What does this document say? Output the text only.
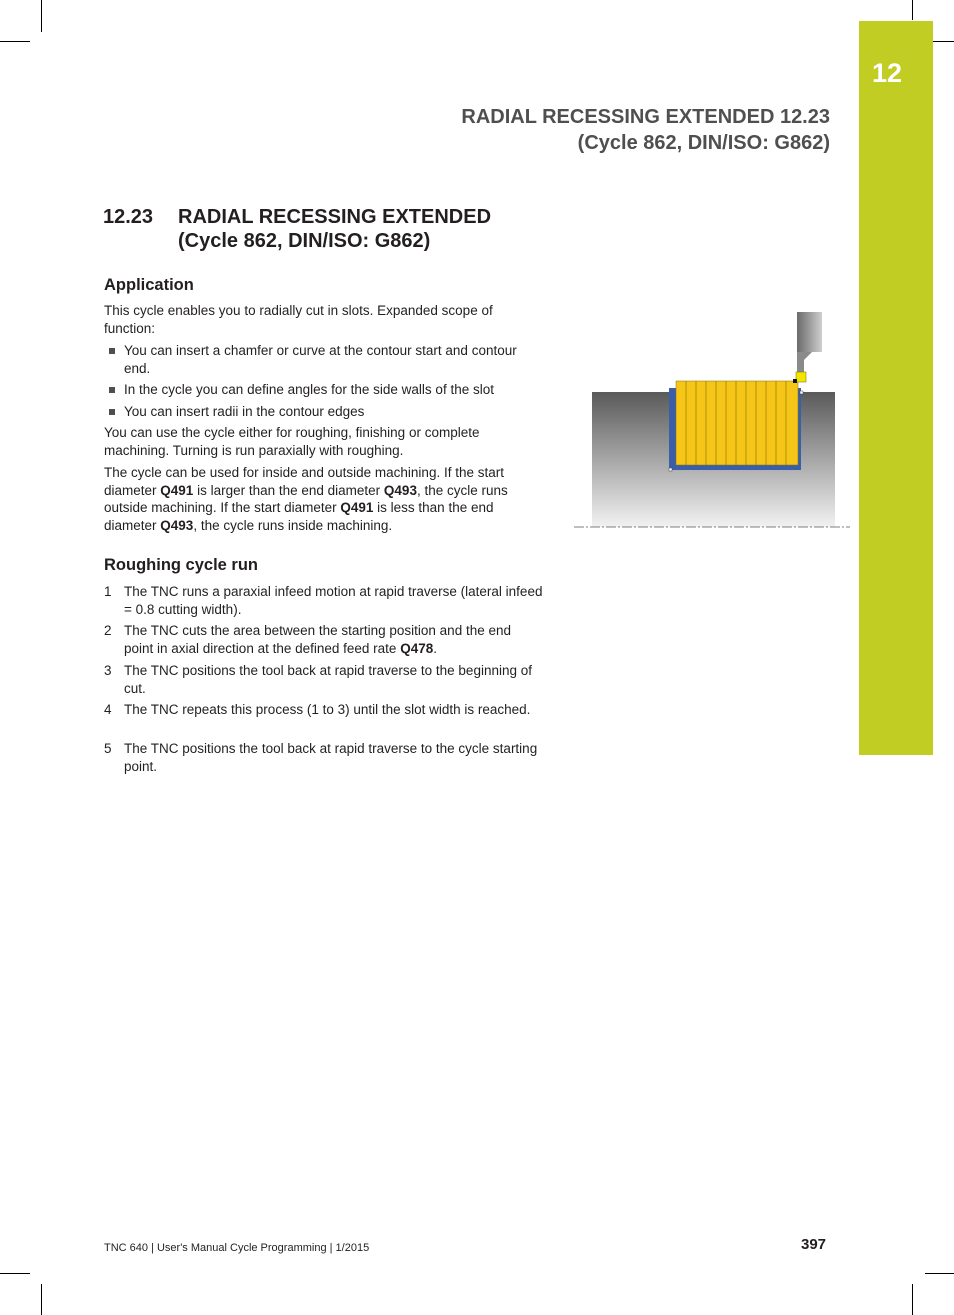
12
RADIAL RECESSING EXTENDED 12.23
(Cycle 862, DIN/ISO: G862)
12.23 RADIAL RECESSING EXTENDED
(Cycle 862, DIN/ISO: G862)
Application

This cycle enables you to radially cut in slots. Expanded scope of function:

You can insert a chamfer or curve at the contour start and contour end.
In the cycle you can define angles for the side walls of the slot
You can insert radii in the contour edges

You can use the cycle either for roughing, finishing or complete machining. Turning is run paraxially with roughing.

The cycle can be used for inside and outside machining. If the start diameter Q491 is larger than the end diameter Q493, the cycle runs outside machining. If the start diameter Q491 is less than the end diameter Q493, the cycle runs inside machining.

Roughing cycle run
1 The TNC runs a paraxial infeed motion at rapid traverse (lateral infeed = 0.8 cutting width).
2 The TNC cuts the area between the starting position and the end point in axial direction at the defined feed rate Q478.
3 The TNC positions the tool back at rapid traverse to the beginning of cut.
4 The TNC repeats this process (1 to 3) until the slot width is reached.
5 The TNC positions the tool back at rapid traverse to the cycle starting point.
TNC 640 | User's Manual Cycle Programming | 1/2015	397
